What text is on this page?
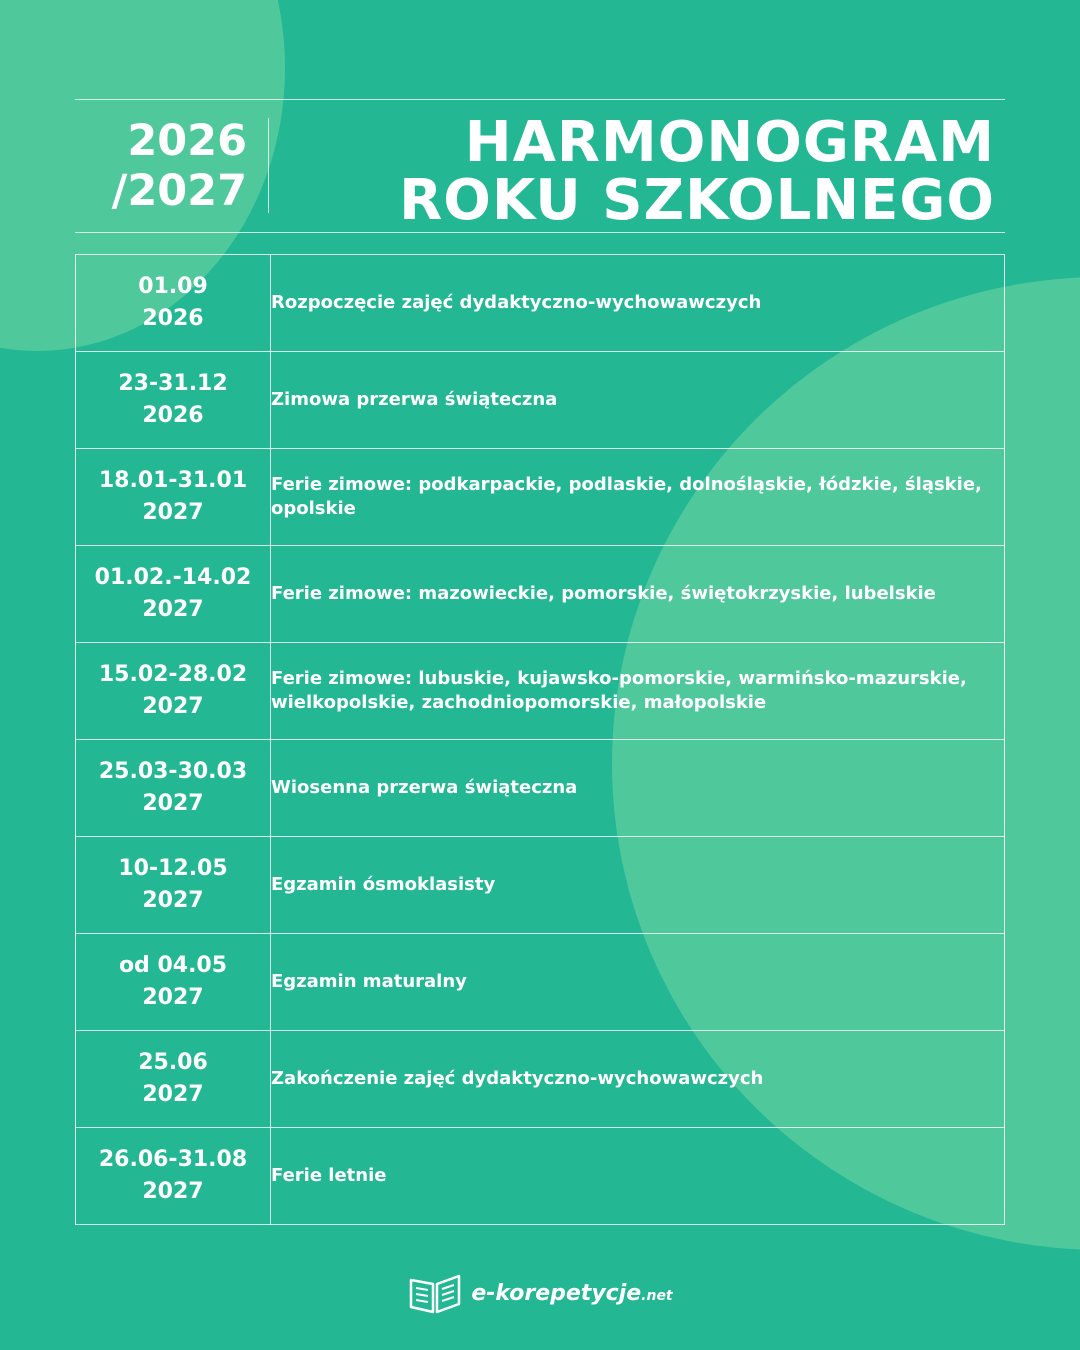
2026
/2027
HARMONOGRAM
ROKU SZKOLNEGO
01.09
2026	Rozpoczęcie zajęć dydaktyczno-wychowawczych

23-31.12
2026	Zimowa przerwa świąteczna

18.01-31.01
2027	Ferie zimowe: podkarpackie, podlaskie, dolnośląskie, łódzkie, śląskie, opolskie

01.02.-14.02
2027	Ferie zimowe: mazowieckie, pomorskie, świętokrzyskie, lubelskie

15.02-28.02
2027	Ferie zimowe: lubuskie, kujawsko-pomorskie, warmińsko-mazurskie, wielkopolskie, zachodniopomorskie, małopolskie

25.03-30.03
2027	Wiosenna przerwa świąteczna

10-12.05
2027	Egzamin ósmoklasisty

od 04.05
2027	Egzamin maturalny

25.06
2027	Zakończenie zajęć dydaktyczno-wychowawczych

26.06-31.08
2027	Ferie letnie
e-korepetycje.net
